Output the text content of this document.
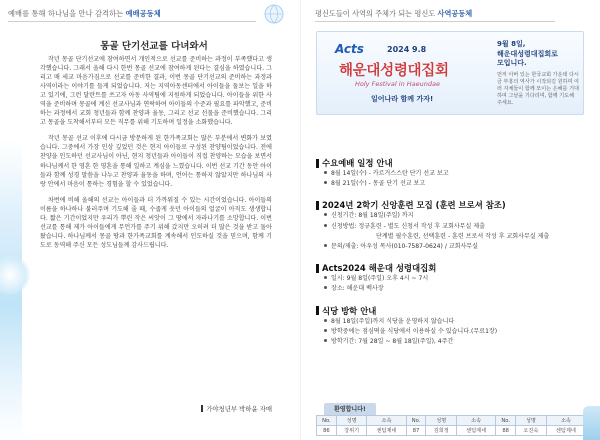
예배를 통해 하나님을 만나 감격하는 예배공동체
몽골 단기선교를 다녀와서

작년 몽골 단기선교에 참여하면서 개인적으로 선교를 준비하는 과정이 부족했다고 생각했습니다. 그래서 올해 다시 한번 몽골 선교에 참여하게 된다는 결심을 하였습니다. 그리고 매 세교 마음가짐으로 선교를 준비한 결과, 이번 몽골 단기선교의 준비하는 과정과 사역이라는 이야기를 들게 되었습니다. 저는 지역아동센터에서 아이들을 돌보는 일을 하고 있기에, 그런 달란트를 쓰고자 아동 사역팀에 지원하게 되었습니다. 아이들을 위한 사역을 준비하며 몽골에 계신 선교사님과 연락하여 아이들의 수준과 필요를 파악했고, 준비하는 과정에서 교회 청년들과 함께 찬양과 율동, 그리고 선교 선물을 준비했습니다. 그리고 몽골을 도착해서부터 모든 직무를 위해 기도하며 일정을 소화했습니다.

작년 몽골 선교 이후에 다시금 방문하게 된 한가족교회는 많은 부분에서 변화가 보였습니다. 그중에서 가장 인상 깊었던 것은 현지 아이들로 구성된 찬양팀이었습니다. 전에 찬양을 인도하던 선교사님이 아닌, 현지 청년들과 아이들이 직접 찬양하는 모습을 보면서 하나님께서 한 영혼 한 영혼을 통해 일하고 계심을 느꼈습니다. 이번 선교 기간 동안 아이들과 함께 성경 말씀을 나누고 찬양과 율동을 하며, 언어는 통하지 않았지만 하나님의 사랑 안에서 마음이 통하는 경험을 할 수 있었습니다.

차번에 비해 올해의 선교는 아이들과 더 가까워질 수 있는 시간이었습니다. 아이들의 이름을 하나하나 불러주며 기도해 줄 때, 수줍게 웃던 아이들의 얼굴이 아직도 생생합니다. 짧은 기간이었지만 우리가 뿌린 작은 씨앗이 그 땅에서 자라나기를 소망합니다. 이번 선교를 통해 제가 아이들에게 무언가를 주기 위해 갔지만 오히려 더 많은 것을 받고 돌아왔습니다. 하나님께서 몽골 땅과 한가족교회를 계속해서 인도하실 것을 믿으며, 함께 기도로 동역해 주신 모든 성도님들께 감사드립니다.

가야청년부 박하윤 자매
평신도들이 사역의 주체가 되는 평신도 사역공동체
Acts	2024 9.8
해운대성령대집회
Holy Festival in Haeundae
일어나라 함께 가자!
9월 8일,
해운대성령대집회로
모입니다.
먼저 아버 있는 한국교회 가운데 다시금 부흥의 역사가 시작되길 원하며 여러 지체들이 함께 모이는 은혜를 기대하며 그날을 기다리며, 함께 기도해 주세요.
수요예배 일정 안내
8월 14일(수) - 카르거스스탄 단기 선교 보고
8월 21일(수) - 몽골 단기 선교 보고
2024년 2학기 신앙훈련 모집 (훈련 브로셔 참조)
신청기간: 8월 18일(주일) 까지
신청방법: 정규훈련 - 별도 신청서 작성 후 교회사무실 제출
단계별 필수훈련, 선택훈련 - 훈련 브로셔 작성 후 교회사무실 제출
문의/제출: 아우성 목사(010-7587-0624) / 교회사무실
Acts2024 해운대 성령대집회
일시: 9월 8일(주일) 오후 4시 ~ 7시
장소: 해운대 백사장
식당 방학 안내
8월 18일(주일)까지 식당을 운영하지 않습니다
방학중에는 점심떡을 식당에서 이용하실 수 있습니다.(무료1장)
방학기간: 7월 28일 ~ 8월 18일(주일), 4주간
환영합니다!
No.	성명	소속	No.	성명	소속	No.	성명	소속
86	강위기	센텀제네	87	김희정	센텀제네	88	오진숙	센텀제네
